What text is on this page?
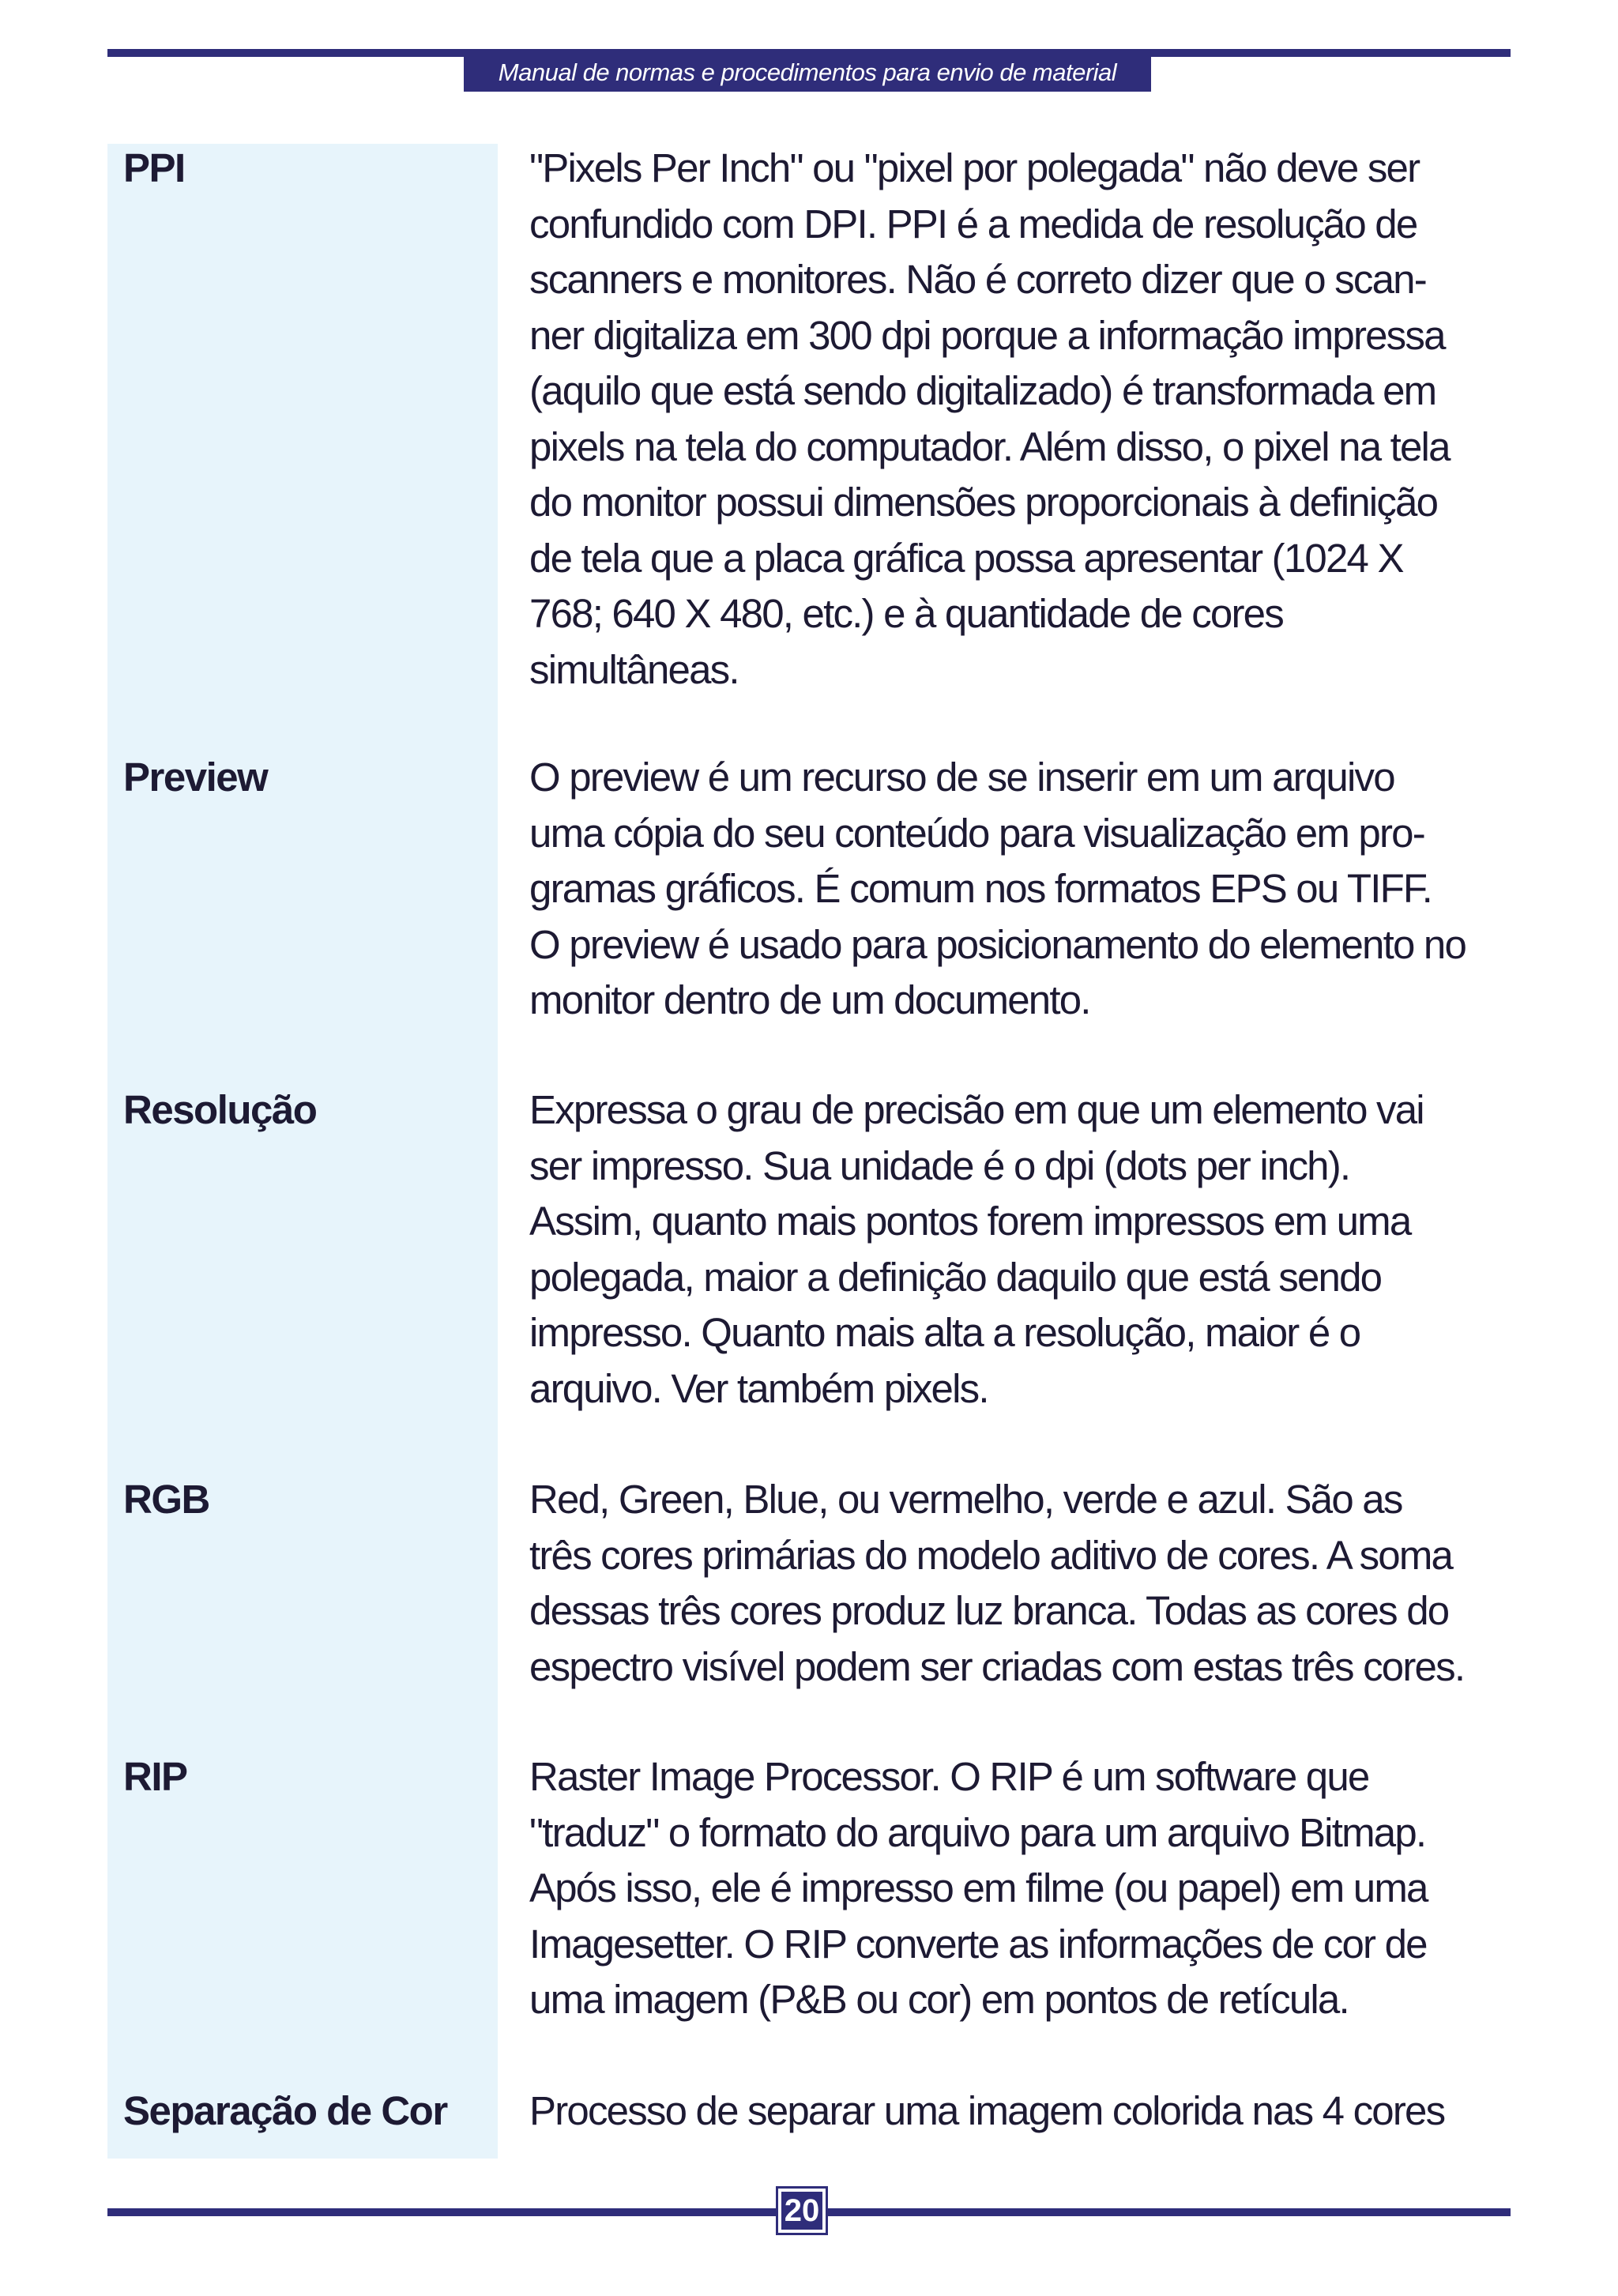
Manual de normas e procedimentos para envio de material
PPI	"Pixels Per Inch" ou "pixel por polegada" não deve ser
confundido com DPI. PPI é a medida de resolução de
scanners e monitores. Não é correto dizer que o scan-
ner digitaliza em 300 dpi porque a informação impressa
(aquilo que está sendo digitalizado) é transformada em
pixels na tela do computador. Além disso, o pixel na tela
do monitor possui dimensões proporcionais à definição
de tela que a placa gráfica possa apresentar (1024 X
768; 640 X 480, etc.) e à quantidade de cores
simultâneas.
Preview	O preview é um recurso de se inserir em um arquivo
uma cópia do seu conteúdo para visualização em pro-
gramas gráficos. É comum nos formatos EPS ou TIFF.
O preview é usado para posicionamento do elemento no
monitor dentro de um documento.
Resolução	Expressa o grau de precisão em que um elemento vai
ser impresso. Sua unidade é o dpi (dots per inch).
Assim, quanto mais pontos forem impressos em uma
polegada, maior a definição daquilo que está sendo
impresso. Quanto mais alta a resolução, maior é o
arquivo. Ver também pixels.
RGB	Red, Green, Blue, ou vermelho, verde e azul. São as
três cores primárias do modelo aditivo de cores. A soma
dessas três cores produz luz branca. Todas as cores do
espectro visível podem ser criadas com estas três cores.
RIP	Raster Image Processor. O RIP é um software que
"traduz" o formato do arquivo para um arquivo Bitmap.
Após isso, ele é impresso em filme (ou papel) em uma
Imagesetter. O RIP converte as informações de cor de
uma imagem (P&B ou cor) em pontos de retícula.
Separação de Cor	Processo de separar uma imagem colorida nas 4 cores
20
